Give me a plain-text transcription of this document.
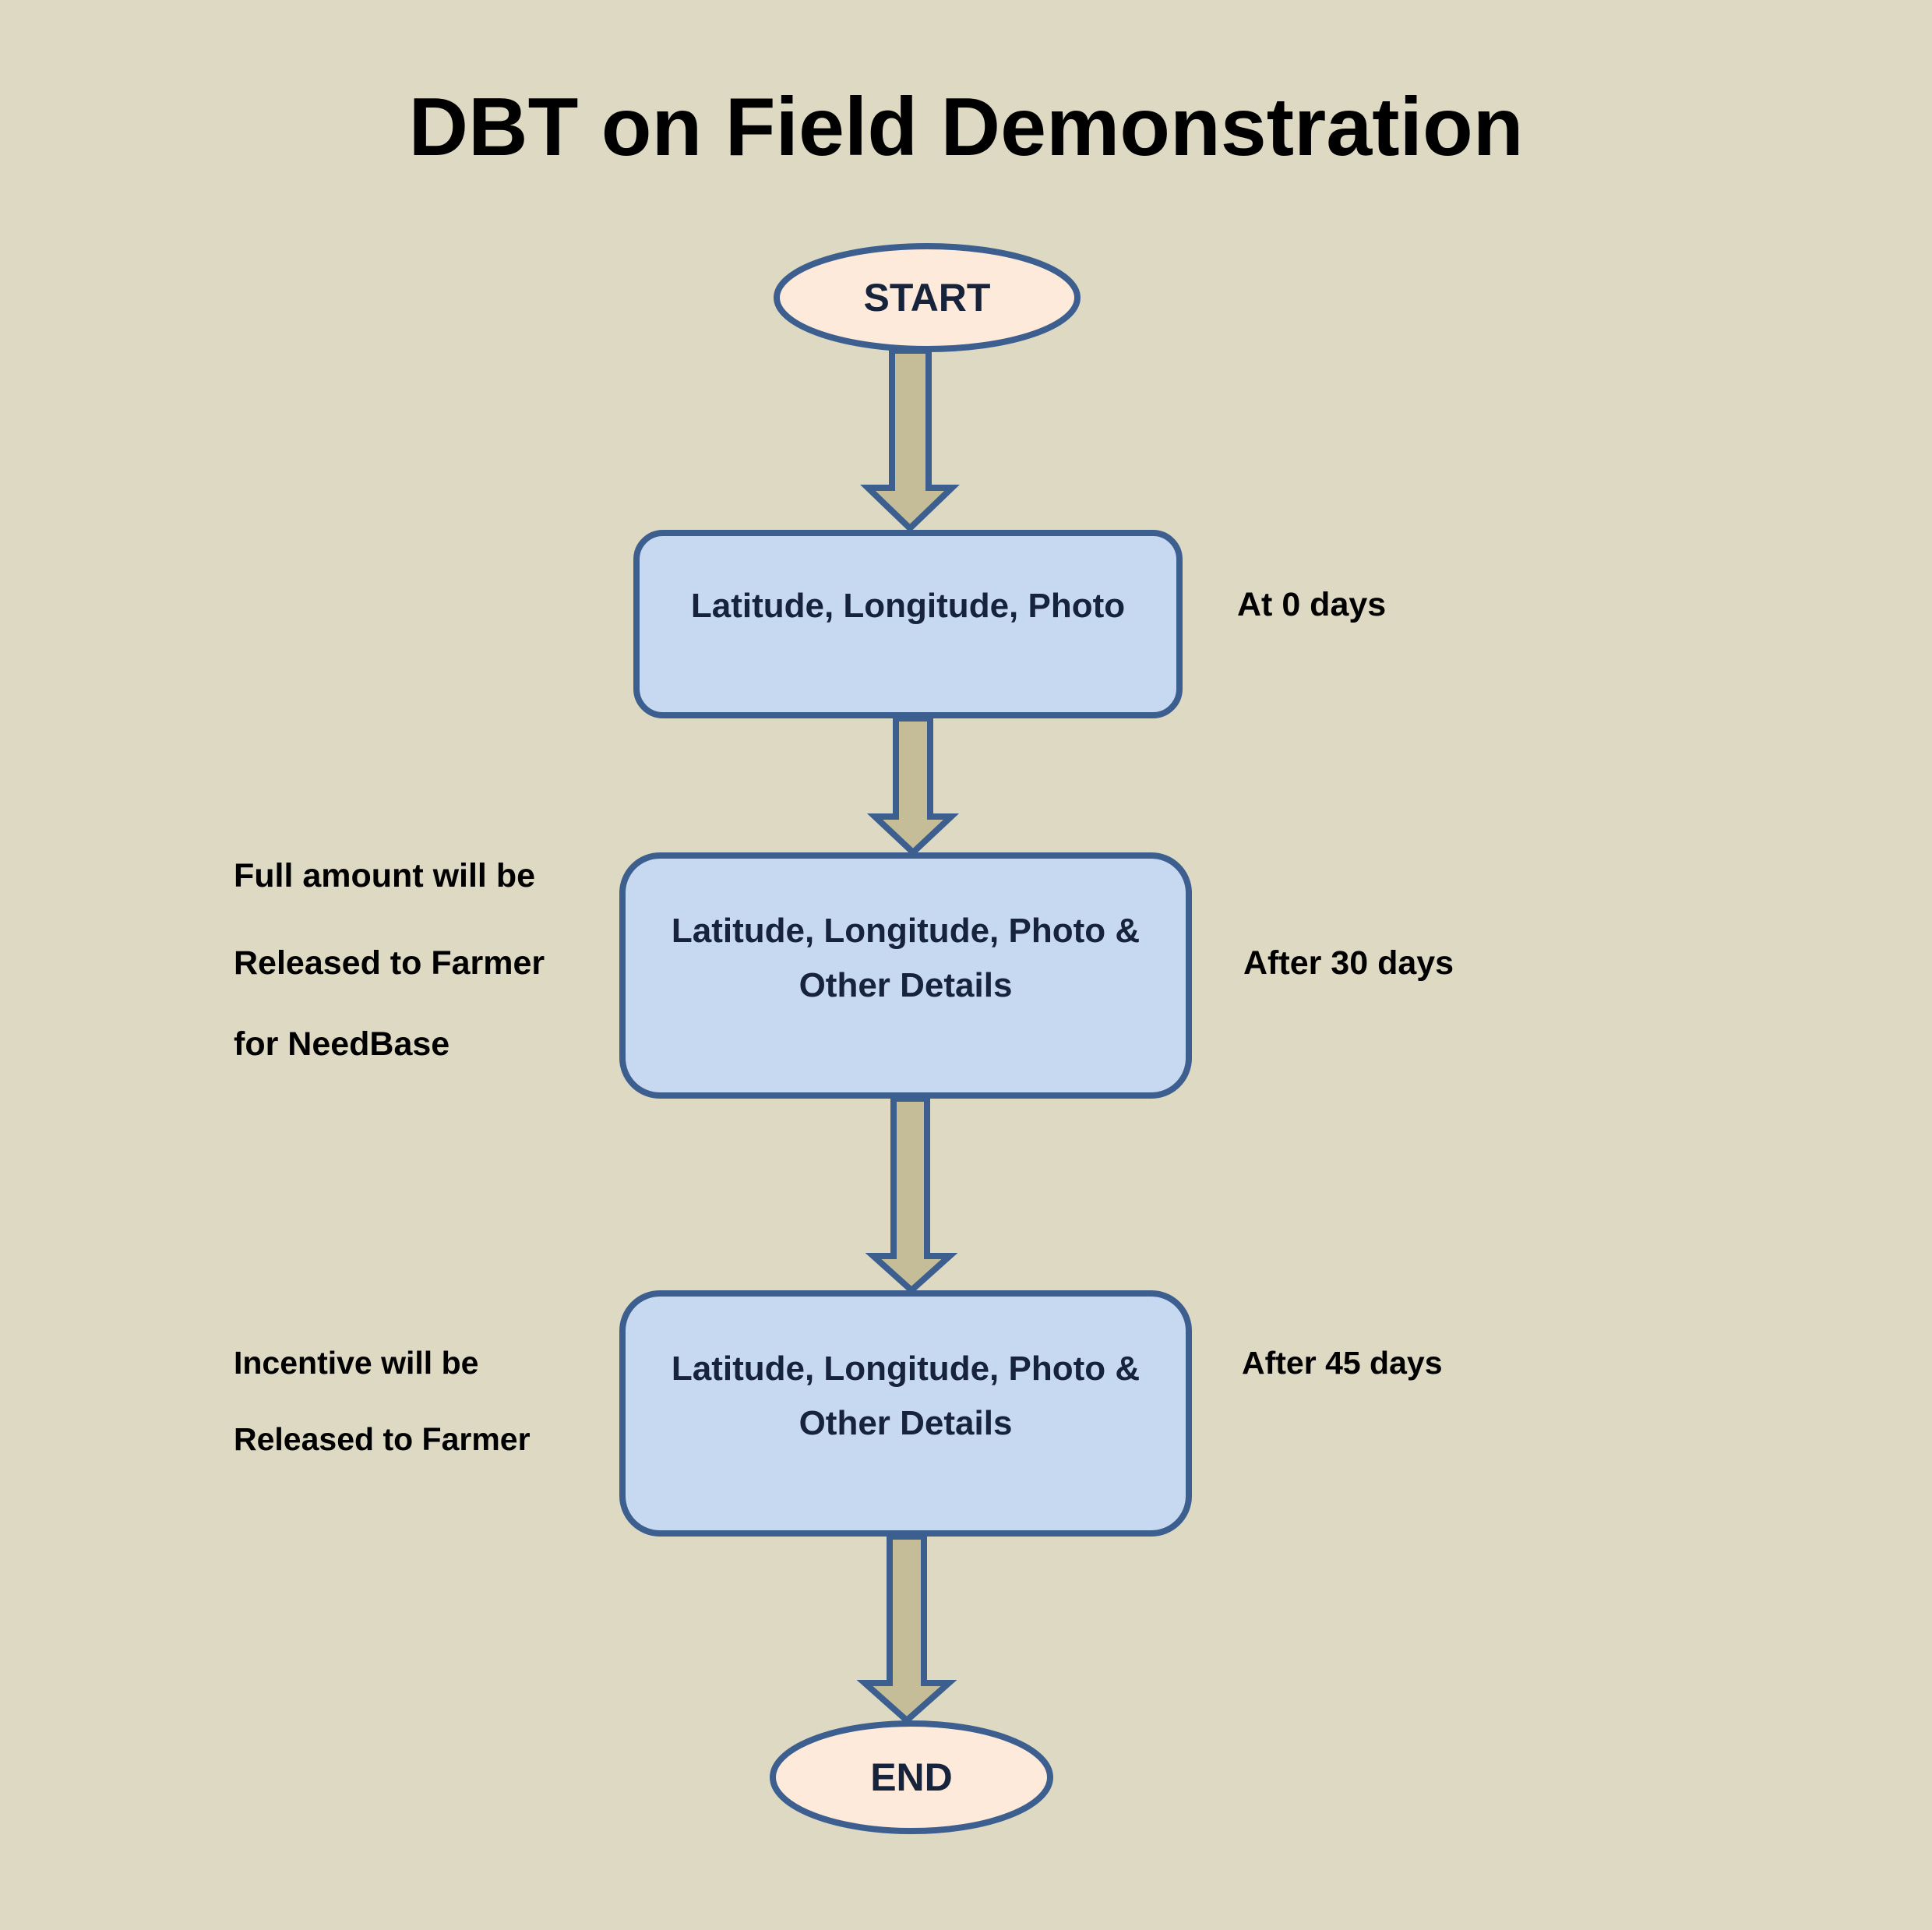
DBT on Field Demonstration
START
Latitude, Longitude, Photo
Latitude, Longitude, Photo &
Other Details
Latitude, Longitude, Photo &
Other Details
END
At 0 days
After 30 days
After 45 days
Full amount will be
Released to Farmer
for NeedBase
Incentive will be
Released to Farmer
